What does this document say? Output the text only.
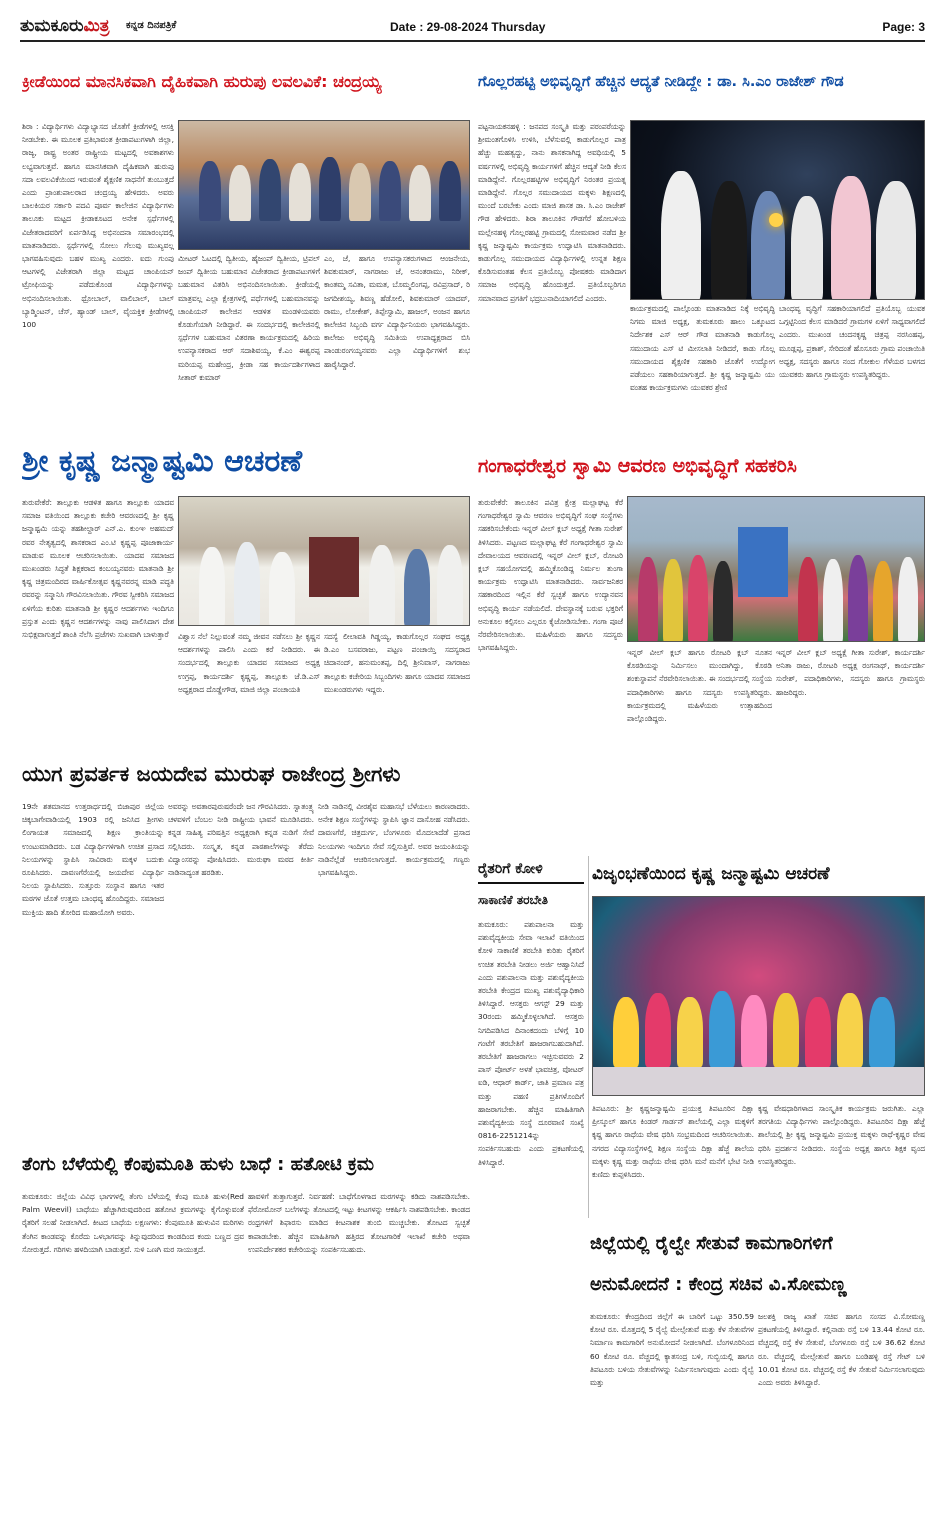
ತುಮಕೂರುಮಿತ್ರ ಕನ್ನಡ ದಿನಪತ್ರಿಕೆ	Date : 29-08-2024 Thursday	Page: 3
ಕ್ರೀಡೆಯಿಂದ ಮಾನಸಿಕವಾಗಿ ದೈಹಿಕವಾಗಿ ಹುರುಪು ಲವಲವಿಕೆ: ಚಂದ್ರಯ್ಯ	ಗೊಲ್ಲರಹಟ್ಟಿ ಅಭಿವೃದ್ಧಿಗೆ ಹೆಚ್ಚಿನ ಆದ್ಯತೆ ನೀಡಿದ್ದೇ : ಡಾ. ಸಿ.ಎಂ ರಾಜೇಶ್ ಗೌಡ
ಶಿರಾ : ವಿದ್ಯಾರ್ಥಿಗಳು ವಿದ್ಯಾಭ್ಯಾಸದ ಜೊತೆಗೆ ಕ್ರೀಡೆಗಳಲ್ಲಿ ಆಸಕ್ತಿ ನೀಡಬೇಕು. ಈ ಮೂಲಕ ಪ್ರತಿಭಾವಂತ ಕ್ರೀಡಾಪಟುಗಳಾಗಿ ಜಿಲ್ಲಾ, ರಾಜ್ಯ, ರಾಷ್ಟ್ರ ಅಂತರ ರಾಷ್ಟ್ರೀಯ ಮಟ್ಟದಲ್ಲಿ ಅವಕಾಶಗಳು ಲಭ್ಯವಾಗುತ್ತವೆ. ಹಾಗೂ ಮಾನಸಿಕವಾಗಿ ದೈಹಿಕವಾಗಿ ಹುರುಪು ಸದಾ ಲವಲವಿಕೆಯಿಂದ ಇರುವಂತೆ ಶೈಕ್ಷಣಿಕ ಸಾಧನೆಗೆ ತುಂಬುತ್ತದೆ ಎಂದು ಪ್ರಾಂಶುಪಾಲರಾದ ಚಂದ್ರಯ್ಯ ಹೇಳಿದರು. ಅವರು ಬಾಲಕಿಯರ ಸರ್ಕಾರಿ ಪದವಿ ಪೂರ್ವ ಕಾಲೇಜಿನ ವಿದ್ಯಾರ್ಥಿಗಳು ತಾಲೂಕು ಮಟ್ಟದ ಕ್ರೀಡಾಕೂಟದ ಅನೇಕ ಸ್ಪರ್ಧೆಗಳಲ್ಲಿ ವಿಜೇತರಾದವರಿಗೆ ಏರ್ಪಡಿಸಿದ್ದ ಅಭಿನಂದನಾ ಸಮಾರಂಭದಲ್ಲಿ ಮಾತನಾಡಿದರು. ಸ್ಪರ್ಧೆಗಳಲ್ಲಿ ಸೋಲು ಗೆಲುವು ಮುಖ್ಯವಲ್ಲ ಭಾಗವಹಿಸುವುದು ಬಹಳ ಮುಖ್ಯ ಎಂದರು. ಐದು ಗುಂಪು ಆಟಗಳಲ್ಲಿ ವಿಜೇತರಾಗಿ ಜಿಲ್ಲಾ ಮಟ್ಟದ ಚಾಂಪಿಯನ್ ಟ್ರೋಫಿಯನ್ನು ಪಡೆದುಕೊಂಡ ವಿದ್ಯಾರ್ಥಿಗಳನ್ನು ಅಭಿನಂದಿಸಲಾಯಿತು. ಥ್ರೋಬಾಲ್, ವಾಲಿಬಾಲ್, ಬಾಲ್ ಬ್ಯಾಡ್ಮಿಂಟನ್, ಚೆಸ್, ಹ್ಯಾಂಡ್ ಬಾಲ್, ವೈಯಕ್ತಿಕ ಕ್ರೀಡೆಗಳಲ್ಲಿ 100
ಮೀಟರ್ ಓಟದಲ್ಲಿ ದ್ವಿತೀಯ, ಹೈಜಂಪ್ ದ್ವಿತೀಯ, ಟ್ರಿಪಲ್ ಜಂಪ್ ದ್ವಿತೀಯ ಬಹುಮಾನ ವಿಜೇತರಾದ ಕ್ರೀಡಾಪಟುಗಳಿಗೆ ಬಹುಮಾನ ವಿತರಿಸಿ ಅಭಿನಂದಿಸಲಾಯಿತು. ಕ್ರೀಡೆಯಲ್ಲಿ ಮಾತ್ರವಲ್ಲ ಎಲ್ಲಾ ಕ್ಷೇತ್ರಗಳಲ್ಲಿ ಪರ್ಧೆಗಳಲ್ಲಿ ಬಹುಮಾನವನ್ನು ಚಾಂಪಿಯನ್ ಕಾಲೇಜಿನ ಆಡಳಿತ ಮಂಡಳಿಯವರು ಕೊಡುಗೆಯಾಗಿ ನೀಡಿದ್ದಾರೆ. ಈ ಸಂದರ್ಭದಲ್ಲಿ ಕಾಲೇಜಿನಲ್ಲಿ ಸ್ಪರ್ಧೆಗಳ ಬಹುಮಾನ ವಿತರಣಾ ಕಾರ್ಯಕ್ರಮದಲ್ಲಿ ಹಿರಿಯ ಉಪನ್ಯಾಸಕರಾದ ಆರ್ ಸದಾಶಿವಯ್ಯ, ಕೆ.ಎಂ ಈಶ್ವರಪ್ಪ ಮರಿಯಪ್ಪ ಮಹೇಂದ್ರ, ಕ್ರೀಡಾ ಸಹ ಕಾರ್ಯದರ್ಶಿಗಳಾದ ಸೀತಾರ್ ಕುಮಾರ್
ಎಂ, ಜೆ, ಹಾಗೂ ಉಪನ್ಯಾಸಕರುಗಳಾದ ಆಂಜನೇಯ, ಶಿವಕುಮಾರ್, ನಾಗರಾಜು ಜೆ, ಅನಂತರಾಮು, ನಿರೀಕ್, ಕಾಂತಮ್ಮ ಸವಿತಾ, ಮಮತ, ಬೊಮ್ಮಲಿಂಗಪ್ಪ, ರವಿಪ್ರಸಾದ್, ರಿ ಜಗದೀಶಯ್ಯ, ಶಿವಣ್ಣ ಹೆಡೋಲಿ, ಶಿವಕುಮಾರ್ ಯಾದವ್, ರಾಮು, ಲೋಕೇಶ್, ತಿಪ್ಪೇಸ್ವಾಮಿ, ಹಾಜಲ್, ಅಂಜನ ಹಾಗೂ ಕಾಲೇಜಿನ ಸಿಬ್ಬಂದಿ ವರ್ಗ ವಿದ್ಯಾರ್ಥಿನಿಯರು ಭಾಗವಹಿಸಿದ್ದರು. ಕಾಲೇಜು ಅಭಿವೃದ್ಧಿ ಸಮಿತಿಯ ಉಪಾಧ್ಯಕ್ಷರಾದ ಬಿಸಿ ಪಾಂಡುರಂಗಯ್ಯನವರು ಎಲ್ಲಾ ವಿದ್ಯಾರ್ಥಿಗಳಿಗೆ ಶುಭ ಹಾರೈಸಿದ್ದಾರೆ.
ಪಟ್ಟನಾಯಕನಹಳ್ಳಿ : ಜನಪದ ಸಂಸ್ಕೃತಿ ಮತ್ತು ಪರಂಪರೆಯನ್ನು ಶ್ರೀಮಂತಗೊಳಿಸಿ ಉಳಿಸಿ, ಬೆಳೆಸುವಲ್ಲಿ ಕಾಡುಗೊಲ್ಲರ ಪಾತ್ರ ಹೆಚ್ಚು ಮಹತ್ವದ್ದು, ನಾನು ಶಾಸಕನಾಗಿದ್ದ ಅವಧಿಯಲ್ಲಿ 5 ವರ್ಷಗಳಲ್ಲಿ ಅಭಿವೃದ್ಧಿ ಕಾರ್ಯಗಳಿಗೆ ಹೆಚ್ಚಿನ ಆದ್ಯತೆ ನೀಡಿ ಕೆಲಸ ಮಾಡಿದ್ದೇನೆ. ಗೊಲ್ಲರಹಟ್ಟಿಗಳ ಅಭಿವೃದ್ಧಿಗೆ ನಿರಂತರ ಪ್ರಯತ್ನ ಮಾಡಿದ್ದೇನೆ. ಗೊಲ್ಲರ ಸಮುದಾಯದ ಮಕ್ಕಳು ಶಿಕ್ಷಣದಲ್ಲಿ ಮುಂದೆ ಬರಬೇಕು ಎಂದು ಮಾಜಿ ಶಾಸಕ ಡಾ. ಸಿ.ಎಂ ರಾಜೇಶ್ ಗೌಡ ಹೇಳಿದರು. ಶಿರಾ ತಾಲೂಕಿನ ಗೌಡಗೆರೆ ಹೋಬಳಿಯ ಮಲ್ಲೇನಹಳ್ಳಿ ಗೊಲ್ಲರಹಟ್ಟಿ ಗ್ರಾಮದಲ್ಲಿ ಸೋಮವಾರ ನಡೆದ ಶ್ರೀ ಕೃಷ್ಣ ಜನ್ಮಾಷ್ಟಮಿ ಕಾರ್ಯಕ್ರಮ ಉದ್ಘಾಟಿಸಿ ಮಾತನಾಡಿದರು. ಕಾಡುಗೊಲ್ಲ ಸಮುದಾಯದ ವಿದ್ಯಾರ್ಥಿಗಳಲ್ಲಿ ಉನ್ನತ ಶಿಕ್ಷಣ ಕೊಡಿಸುವಂತಹ ಕೆಲಸ ಪ್ರತಿಯೊಬ್ಬ ಪೋಷಕರು ಮಾಡಿದಾಗ ಸಮಾಜ ಅಭಿವೃದ್ಧಿ ಹೊಂದುತ್ತದೆ. ಪ್ರತಿಯೊಬ್ಬರಿಗೂ ಸಮಾನವಾದ ಪ್ರಗತಿಗೆ ಭದ್ರಬುನಾದಿಯಾಗಲಿದೆ ಎಂದರು.
ಕಾರ್ಯಕ್ರಮದಲ್ಲಿ ಪಾಲ್ಗೊಂಡು ಮಾತನಾಡಿದ ನಿಕ್ಕೆ ಅಭಿವೃದ್ಧಿ ನಿಗಮ ಮಾಜಿ ಅಧ್ಯಕ್ಷ, ತುಮಕೂರು ಹಾಲು ಒಕ್ಕೂಟದ ನಿರ್ದೇಶಕ ಎಸ್ ಆರ್ ಗೌಡ ಮಾತನಾಡಿ ಕಾಡುಗೊಲ್ಲ ಸಮುದಾಯ ಎಸ್ ಟಿ ಮೀಸಲಾತಿ ನೀಡಿದರೆ, ಕಾಡು ಗೊಲ್ಲ ಸಮುದಾಯದ ಶೈಕ್ಷಣಿಕ ಸಹಕಾರಿ ಜೊತೆಗೆ ಉದ್ಯೋಗ ಪಡೆಯಲು ಸಹಕಾರಿಯಾಗುತ್ತದೆ. ಶ್ರೀ ಕೃಷ್ಣ ಜನ್ಮಾಷ್ಟಮಿ ಯು ವಂತಹ ಕಾರ್ಯಕ್ರಮಗಳು ಯುವಕರ ಶ್ರೇಣಿ
ಬಾಂಧವ್ಯ ವೃದ್ಧಿಗೆ ಸಹಕಾರಿಯಾಗಲಿದೆ ಪ್ರತಿಯೊಬ್ಬ ಯುವಕ ಒಗ್ಗಟ್ಟಿನಿಂದ ಕೆಲಸ ಮಾಡಿದರೆ ಗ್ರಾಮಗಳ ಏಳಿಗೆ ಸಾಧ್ಯವಾಗಲಿದೆ ಎಂದರು. ಮುಖಂಡ ಚಂದನಕೃಷ್ಣ ಚಿತ್ರಪ್ಪ ನರಸಿಂಹಪ್ಪ, ಮೂಡ್ಲಪ್ಪ, ಪ್ರಕಾಶ್, ಸೇರಿದಂತೆ ಹೊಸೂರು ಗ್ರಾಮ ಪಂಚಾಯಿತಿ ಅಧ್ಯಕ್ಷ, ಸದಸ್ಯರು ಹಾಗೂ ನಂದ ಗೋಕುಲ ಗೆಳೆಯರ ಬಳಗದ ಯುವಕರು ಹಾಗೂ ಗ್ರಾಮಸ್ಥರು ಉಪಸ್ಥಿತರಿದ್ದರು.
ಶ್ರೀ ಕೃಷ್ಣ ಜನ್ಮಾಷ್ಟಮಿ ಆಚರಣೆ	ಗಂಗಾಧರೇಶ್ವರ ಸ್ವಾಮಿ ಆವರಣ ಅಭಿವೃದ್ಧಿಗೆ ಸಹಕರಿಸಿ
ತುರುವೇಕೆರೆ: ತಾಲ್ಲೂಕು ಆಡಳಿತ ಹಾಗೂ ತಾಲ್ಲೂಕು ಯಾದವ ಸಮಾಜ ವತಿಯಿಂದ ತಾಲ್ಲೂಕು ಕಚೇರಿ ಆವರಣದಲ್ಲಿ ಶ್ರೀ ಕೃಷ್ಣ ಜನ್ಮಾಷ್ಟಮಿ ಯನ್ನು ತಹಶೀಲ್ದಾರ್ ಎನ್.ಎ. ಕುಂಞ ಅಹಮದ್ ರವರ ನೇತೃತ್ವದಲ್ಲಿ ಶಾಸಕರಾದ ಎಂ.ಟಿ ಕೃಷ್ಣಪ್ಪ ಪೂಜಾಕಾರ್ಯ ಮಾಡುವ ಮೂಲಕ ಆಚರಿಸಲಾಯಿತು. ಯಾದವ ಸಮಾಜದ ಮುಖಂಡರು ಸಿದ್ಧತೆ ಶಿಕ್ಷಕರಾದ ಕಂಬಯ್ಯನವರು ಮಾತನಾಡಿ ಶ್ರೀ ಕೃಷ್ಣ ಚಿತ್ರಮಂದಿರದ ವಾರ್ಷಿಕೋತ್ಸವ ಕೃಷ್ಣನವರನ್ನ ಮಾಡಿ ಪದ್ಧತಿ ರವರನ್ನು ಸನ್ಮಾನಿಸಿ ಗೌರವಿಸಲಾಯಿತು. ಗೌರವ ಸ್ವೀಕರಿಸಿ ಸಮಾಜದ ಏಳಿಗೆಯ ಕುರಿತು ಮಾತನಾಡಿ ಶ್ರೀ ಕೃಷ್ಣರ ಆದರ್ಶಗಳು ಇಂದಿಗೂ ಪ್ರಸ್ತುತ ಎಂದು ಕೃಷ್ಣನ ಆದರ್ಶಗಳನ್ನು ನಾವು ಪಾಲಿಸಿದಾಗ ದೇಶ ಸುಭಿಕ್ಷವಾಗುತ್ತದೆ ಶಾಂತಿ ನೆಲೆಸಿ ಪ್ರಜೆಗಳು ಸುಖವಾಗಿ ಬಾಳುತ್ತಾರೆ	ವಿಶ್ವಾಸ ನೆಲೆ ನಿಲ್ಲುವಂತೆ ನಮ್ಮ ಜೀವನ ನಡೆಸಲು ಶ್ರೀ ಕೃಷ್ಣನ ಆದರ್ಶಗಳನ್ನು ಪಾಲಿಸಿ ಎಂದು ಕರೆ ನೀಡಿದರು. ಈ ಸಂದರ್ಭದಲ್ಲಿ ತಾಲ್ಲೂಕು ಯಾದವ ಸಮಾಜದ ಅಧ್ಯಕ್ಷ ಉಗ್ರಪ್ಪ, ಕಾರ್ಯದರ್ಶಿ ಕೃಷ್ಣಪ್ಪ, ತಾಲ್ಲೂಕು ಜೆ.ಡಿ.ಎಸ್ ಅಧ್ಯಕ್ಷರಾದ ದೊಡ್ಡೇಗೌಡ, ಮಾಜಿ ಜಿಲ್ಲಾ ಪಂಚಾಯತಿ
ಸದಸ್ಯೆ ಲೀಲಾವತಿ ಗಿಡ್ಡಯ್ಯ, ಕಾಡುಗೊಲ್ಲರ ಸಂಘದ ಅಧ್ಯಕ್ಷ ಡಿ.ಎಂ ಬಸವರಾಜು, ಪಟ್ಟಣ ಪಂಚಾಯ್ತಿ ಸದಸ್ಯರಾದ ಚಿದಾನಂದ್, ಹನುಮಂತಪ್ಪ, ದಿಲ್ಲಿ ಶ್ರೀನಿವಾಸ್, ನಾಗರಾಜು ತಾಲ್ಲೂಕು ಕಚೇರಿಯ ಸಿಬ್ಬಂದಿಗಳು ಹಾಗೂ ಯಾದವ ಸಮಾಜದ ಮುಖಂಡರುಗಳು ಇದ್ದರು.
ತುರುವೇಕೆರೆ: ತಾಲೂಕಿನ ಪವಿತ್ರ ಕ್ಷೇತ್ರ ಮಲ್ಲಾಘಟ್ಟ ಕೆರೆ ಗಂಗಾಧರೇಶ್ವರ ಸ್ವಾಮಿ ಆವರಣ ಅಭಿವೃದ್ಧಿಗೆ ಸಂಘ ಸಂಸ್ಥೆಗಳು ಸಹಕರಿಸಬೇಕೆಂದು ಇನ್ನರ್ ವೀಲ್ ಕ್ಲಬ್ ಅಧ್ಯಕ್ಷೆ ಗೀತಾ ಸುರೇಶ್ ತಿಳಿಸಿದರು. ಪಟ್ಟಣದ ಮಲ್ಲಾಘಟ್ಟ ಕೆರೆ ಗಂಗಾಧರೇಶ್ವರ ಸ್ವಾಮಿ ದೇವಾಲಯದ ಆವರಣದಲ್ಲಿ ಇನ್ನರ್ ವೀಲ್ ಕ್ಲಬ್, ರೋಟರಿ ಕ್ಲಬ್ ಸಹಯೋಗದಲ್ಲಿ ಹಮ್ಮಿಕೊಂಡಿದ್ದ ನಿರ್ಮಲ ತುಂಗಾ ಕಾರ್ಯಕ್ರಮ ಉದ್ಘಾಟಿಸಿ ಮಾತನಾಡಿದರು. ಸಾರ್ವಜನಿಕರ ಸಹಕಾರದಿಂದ ಇಲ್ಲಿನ ಕೆರೆ ಸ್ವಚ್ಛತೆ ಹಾಗೂ ಉದ್ಯಾನವನ ಅಭಿವೃದ್ಧಿ ಕಾರ್ಯ ನಡೆಯಲಿದೆ. ದೇವಸ್ಥಾನಕ್ಕೆ ಬರುವ ಭಕ್ತರಿಗೆ ಅನುಕೂಲ ಕಲ್ಪಿಸಲು ಎಲ್ಲರೂ ಕೈಜೋಡಿಸಬೇಕು. ಗಂಗಾ ಪೂಜೆ ನೆರವೇರಿಸಲಾಯಿತು. ಮಹಿಳೆಯರು ಹಾಗೂ ಸದಸ್ಯರು ಭಾಗವಹಿಸಿದ್ದರು.
ಇನ್ನರ್ ವೀಲ್ ಕ್ಲಬ್ ಹಾಗೂ ರೋಟರಿ ಕ್ಲಬ್ ನೂತನ ಕೊಠಡಿಯನ್ನು ನಿರ್ಮಿಸಲು ಮುಂದಾಗಿದ್ದು, ಕೊಠಡಿ ಶಂಕುಸ್ಥಾಪನೆ ನೆರವೇರಿಸಲಾಯಿತು. ಈ ಸಂದರ್ಭದಲ್ಲಿ ಸಂಸ್ಥೆಯ ಪದಾಧಿಕಾರಿಗಳು ಹಾಗೂ ಸದಸ್ಯರು ಉಪಸ್ಥಿತರಿದ್ದರು. ಕಾರ್ಯಕ್ರಮದಲ್ಲಿ ಮಹಿಳೆಯರು ಉತ್ಸಾಹದಿಂದ ಪಾಲ್ಗೊಂಡಿದ್ದರು.
ಇನ್ನರ್ ವೀಲ್ ಕ್ಲಬ್ ಅಧ್ಯಕ್ಷೆ ಗೀತಾ ಸುರೇಶ್, ಕಾರ್ಯದರ್ಶಿ ಅನಿತಾ ರಾಜು, ರೋಟರಿ ಅಧ್ಯಕ್ಷ ರಂಗನಾಥ್, ಕಾರ್ಯದರ್ಶಿ ಸುರೇಶ್, ಪದಾಧಿಕಾರಿಗಳು, ಸದಸ್ಯರು ಹಾಗೂ ಗ್ರಾಮಸ್ಥರು ಹಾಜರಿದ್ದರು.
ಯುಗ ಪ್ರವರ್ತಕ ಜಯದೇವ ಮುರುಘ ರಾಜೇಂದ್ರ ಶ್ರೀಗಳು
19ನೇ ಶತಮಾನದ ಉತ್ತರಾರ್ಧದಲ್ಲಿ ಬಿಜಾಪುರ ಜಿಲ್ಲೆಯ ಚಿಕ್ಕಬಾಗೇವಾಡಿಯಲ್ಲಿ 1903 ರಲ್ಲಿ ಜನಿಸಿದ ಶ್ರೀಗಳು ಲಿಂಗಾಯತ ಸಮಾಜದಲ್ಲಿ ಶಿಕ್ಷಣ ಕ್ರಾಂತಿಯನ್ನು ಉಂಟುಮಾಡಿದರು. ಬಡ ವಿದ್ಯಾರ್ಥಿಗಳಿಗಾಗಿ ಉಚಿತ ಪ್ರಸಾದ ನಿಲಯಗಳನ್ನು ಸ್ಥಾಪಿಸಿ ಸಾವಿರಾರು ಮಕ್ಕಳ ಬದುಕು ರೂಪಿಸಿದರು. ದಾವಣಗೆರೆಯಲ್ಲಿ ಜಯದೇವ ವಿದ್ಯಾರ್ಥಿ ನಿಲಯ ಸ್ಥಾಪಿಸಿದರು. ಸುತ್ತೂರು ಸಂಸ್ಥಾನ ಹಾಗೂ ಇತರ ಮಠಗಳ ಜೊತೆ ಉತ್ತಮ ಬಾಂಧವ್ಯ ಹೊಂದಿದ್ದರು. ಸಮಾಜದ ಮುಕ್ತಿಯ ಹಾದಿ ತೋರಿದ ಮಹಾಯೋಗಿ ಅವರು.
ಅವರನ್ನು ಅವತಾರಪುರುಷರೆಂದೇ ಜನ ಗೌರವಿಸಿದರು. ಸ್ವಾತಂತ್ರ್ಯ ಚಳವಳಿಗೆ ಬೆಂಬಲ ನೀಡಿ ರಾಷ್ಟ್ರೀಯ ಭಾವನೆ ಮೂಡಿಸಿದರು. ಕನ್ನಡ ಸಾಹಿತ್ಯ ಪರಿಷತ್ತಿನ ಅಧ್ಯಕ್ಷರಾಗಿ ಕನ್ನಡ ನುಡಿಗೆ ಸೇವೆ ಸಲ್ಲಿಸಿದರು. ಸಂಸ್ಕೃತ, ಕನ್ನಡ ಪಾಠಶಾಲೆಗಳನ್ನು ತೆರೆದು ವಿದ್ವಾಂಸರನ್ನು ಪೋಷಿಸಿದರು. ಮುರುಘಾ ಮಠದ ಕೀರ್ತಿ ನಾಡಿನಾದ್ಯಂತ ಹರಡಿತು.
ನೀಡಿ ನಾಡಿನಲ್ಲಿ ವೀರಶೈವ ಮಹಾಸಭೆ ಬೆಳೆಯಲು ಕಾರಣರಾದರು. ಅನೇಕ ಶಿಕ್ಷಣ ಸಂಸ್ಥೆಗಳನ್ನು ಸ್ಥಾಪಿಸಿ ಜ್ಞಾನ ದಾಸೋಹ ನಡೆಸಿದರು. ದಾವಣಗೆರೆ, ಚಿತ್ರದುರ್ಗ, ಬೆಂಗಳೂರು ಮೊದಲಾದೆಡೆ ಪ್ರಸಾದ ನಿಲಯಗಳು ಇಂದಿಗೂ ಸೇವೆ ಸಲ್ಲಿಸುತ್ತಿವೆ. ಅವರ ಜಯಂತಿಯನ್ನು ನಾಡಿನೆಲ್ಲೆಡೆ ಆಚರಿಸಲಾಗುತ್ತದೆ. ಕಾರ್ಯಕ್ರಮದಲ್ಲಿ ಗಣ್ಯರು ಭಾಗವಹಿಸಿದ್ದರು.	ರೈತರಿಗೆ ಕೋಳಿ
ಸಾಕಾಣಿಕೆ ತರಬೇತಿ
ತುಮಕೂರು: ಪಶುಪಾಲನಾ ಮತ್ತು ಪಶುವೈದ್ಯಕೀಯ ಸೇವಾ ಇಲಾಖೆ ವತಿಯಿಂದ ಕೋಳಿ ಸಾಕಾಣಿಕೆ ತರಬೇತಿ ಕುರಿತು ರೈತರಿಗೆ ಉಚಿತ ತರಬೇತಿ ನೀಡಲು ಅರ್ಜಿ ಆಹ್ವಾನಿಸಿದೆ ಎಂದು ಪಶುಪಾಲನಾ ಮತ್ತು ಪಶುವೈದ್ಯಕೀಯ ತರಬೇತಿ ಕೇಂದ್ರದ ಮುಖ್ಯ ಪಶುವೈದ್ಯಾಧಿಕಾರಿ ತಿಳಿಸಿದ್ದಾರೆ. ಆಸಕ್ತರು ಆಗಸ್ಟ್ 29 ಮತ್ತು 30ರಂದು ಹಮ್ಮಿಕೊಳ್ಳಲಾಗಿದೆ. ಆಸಕ್ತರು ನಿಗದಿಪಡಿಸಿದ ದಿನಾಂಕದಂದು ಬೆಳಿಗ್ಗೆ 10 ಗಂಟೆಗೆ ತರಬೇತಿಗೆ ಹಾಜರಾಗಬಹುದಾಗಿದೆ. ತರಬೇತಿಗೆ ಹಾಜರಾಗಲು ಇಚ್ಛಿಸುವವರು 2 ಪಾಸ್ ಪೋರ್ಟ್ ಅಳತೆ ಭಾವಚಿತ್ರ, ವೋಟರ್ ಐಡಿ, ಆಧಾರ್ ಕಾರ್ಡ್, ಜಾತಿ ಪ್ರಮಾಣ ಪತ್ರ ಮತ್ತು ಪಹಣಿ ಪ್ರತಿಗಳೊಂದಿಗೆ ಹಾಜರಾಗಬೇಕು. ಹೆಚ್ಚಿನ ಮಾಹಿತಿಗಾಗಿ ಪಶುವೈದ್ಯಕೀಯ ಸಂಸ್ಥೆ ದೂರವಾಣಿ ಸಂಖ್ಯೆ 0816-2251214ನ್ನು ಸಂಪರ್ಕಿಸಬಹುದು ಎಂದು ಪ್ರಕಟಣೆಯಲ್ಲಿ ತಿಳಿಸಿದ್ದಾರೆ.
ವಿಜೃಂಭಣೆಯಿಂದ ಕೃಷ್ಣ ಜನ್ಮಾಷ್ಟಮಿ ಆಚರಣೆ
ತಿಪಟೂರು: ಶ್ರೀ ಕೃಷ್ಣಜನ್ಮಾಷ್ಟಮಿ ಪ್ರಯುಕ್ತ ತಿಪಟೂರಿನ ದಿಕ್ಷಾ ಪ್ರೀಸ್ಕೂಲ್ ಹಾಗೂ ಕಿಂಡರ್ ಗಾರ್ಡನ್ ಶಾಲೆಯಲ್ಲಿ ಎಲ್ಲಾ ಮಕ್ಕಳಿಗೆ ಕೃಷ್ಣ ಹಾಗೂ ರಾಧೆಯ ವೇಷ ಧರಿಸಿ ಸಂಭ್ರಮದಿಂದ ಆಚರಿಸಲಾಯಿತು. ನಗರದ ವಿದ್ಯಾಸಂಸ್ಥೆಗಳಲ್ಲಿ ಶಿಕ್ಷಣ ಸಂಸ್ಥೆಯ ದಿಕ್ಷಾ ಹೆಜ್ಜೆ ಶಾಲೆಯ ಮಕ್ಕಳು ಕೃಷ್ಣ ಮತ್ತು ರಾಧೆಯ ವೇಷ ಧರಿಸಿ ಮನೆ ಮನೆಗೆ ಭೇಟಿ ನೀಡಿ ಕುಣಿದು ಕುಪ್ಪಳಿಸಿದರು.
ಕೃಷ್ಣ ವೇಷಧಾರಿಗಳಾದ ಸಾಂಸ್ಕೃತಿಕ ಕಾರ್ಯಕ್ರಮ ಜರುಗಿತು. ಎಲ್ಲಾ ತರಗತಿಯ ವಿದ್ಯಾರ್ಥಿಗಳು ಪಾಲ್ಗೊಂಡಿದ್ದರು. ತಿಪಟೂರಿನ ದಿಕ್ಷಾ ಹೆಜ್ಜೆ ಶಾಲೆಯಲ್ಲಿ ಶ್ರೀ ಕೃಷ್ಣ ಜನ್ಮಾಷ್ಟಮಿ ಪ್ರಯುಕ್ತ ಮಕ್ಕಳು ರಾಧೆ-ಕೃಷ್ಣರ ವೇಷ ಧರಿಸಿ ಪ್ರದರ್ಶನ ನೀಡಿದರು. ಸಂಸ್ಥೆಯ ಅಧ್ಯಕ್ಷ ಹಾಗೂ ಶಿಕ್ಷಕ ವೃಂದ ಉಪಸ್ಥಿತರಿದ್ದರು.
ತೆಂಗು ಬೆಳೆಯಲ್ಲಿ ಕೆಂಪುಮೂತಿ ಹುಳು ಬಾಧೆ : ಹತೋಟಿ ಕ್ರಮ
ತುಮಕೂರು: ಜಿಲ್ಲೆಯ ವಿವಿಧ ಭಾಗಗಳಲ್ಲಿ ತೆಂಗು ಬೆಳೆಯಲ್ಲಿ ಕೆಂಪು ಮೂತಿ ಹುಳು(Red Palm Weevil) ಬಾಧೆಯು ಹೆಚ್ಚಾಗಿರುವುದರಿಂದ ಹತೋಟಿ ಕ್ರಮಗಳನ್ನು ಕೈಗೊಳ್ಳುವಂತೆ ರೈತರಿಗೆ ಸಲಹೆ ನೀಡಲಾಗಿದೆ. ಕೀಟದ ಬಾಧೆಯ ಲಕ್ಷಣಗಳು: ಕೆಂಪುಮೂತಿ ಹುಳುವಿನ ಮರಿಗಳು ತೆಂಗಿನ ಕಾಂಡವನ್ನು ಕೊರೆದು ಒಳಭಾಗವನ್ನು ತಿನ್ನುವುದರಿಂದ ಕಾಂಡದಿಂದ ಕಂದು ಬಣ್ಣದ ದ್ರವ ಸೋರುತ್ತದೆ. ಗರಿಗಳು ಹಳದಿಯಾಗಿ ಬಾಡುತ್ತವೆ. ಸುಳಿ ಒಣಗಿ ಮರ ಸಾಯುತ್ತದೆ.
ಹಾವಳಿಗೆ ತುತ್ತಾಗುತ್ತವೆ. ನಿರ್ವಹಣೆ: ಬಾಧೆಗೊಳಗಾದ ಮರಗಳನ್ನು ಕಡಿದು ನಾಶಪಡಿಸಬೇಕು. ಫೆರೋಮೋನ್ ಬಲೆಗಳನ್ನು ತೋಟದಲ್ಲಿ ಇಟ್ಟು ಕೀಟಗಳನ್ನು ಆಕರ್ಷಿಸಿ ನಾಶಪಡಿಸಬೇಕು. ಕಾಂಡದ ರಂಧ್ರಗಳಿಗೆ ಶಿಫಾರಸು ಮಾಡಿದ ಕೀಟನಾಶಕ ತುಂಬಿ ಮುಚ್ಚಬೇಕು. ತೋಟದ ಸ್ವಚ್ಛತೆ ಕಾಪಾಡಬೇಕು. ಹೆಚ್ಚಿನ ಮಾಹಿತಿಗಾಗಿ ಹತ್ತಿರದ ತೋಟಗಾರಿಕೆ ಇಲಾಖೆ ಕಚೇರಿ ಅಥವಾ ಉಪನಿರ್ದೇಶಕರ ಕಚೇರಿಯನ್ನು ಸಂಪರ್ಕಿಸಬಹುದು.	ಜಿಲ್ಲೆಯಲ್ಲಿ ರೈಲ್ವೇ ಸೇತುವೆ ಕಾಮಗಾರಿಗಳಿಗೆ
ಅನುಮೋದನೆ : ಕೇಂದ್ರ ಸಚಿವ ವಿ.ಸೋಮಣ್ಣ
ತುಮಕೂರು: ಕೇಂದ್ರದಿಂದ ಜಿಲ್ಲೆಗೆ ಈ ಬಾರಿಗೆ ಒಟ್ಟು 350.59 ಕೋಟಿ ರೂ. ಮೊತ್ತದಲ್ಲಿ 5 ರೈಲ್ವೆ ಮೇಲ್ಸೇತುವೆ ಮತ್ತು ಕೆಳ ಸೇತುವೆಗಳ ನಿರ್ಮಾಣ ಕಾಮಗಾರಿಗೆ ಅನುಮೋದನೆ ನೀಡಲಾಗಿದೆ. ಬೆಂಗಳೂರಿನಿಂದ 60 ಕೋಟಿ ರೂ. ವೆಚ್ಚದಲ್ಲಿ ಕ್ಯಾತಸಂದ್ರ ಬಳಿ, ಗುಬ್ಬಿಯಲ್ಲಿ ಹಾಗೂ ತಿಪಟೂರು ಬಳಿಯ ಸೇತುವೆಗಳನ್ನು ನಿರ್ಮಿಸಲಾಗುವುದು ಎಂದು ರೈಲ್ವೆ ಮತ್ತು
ಜಲಶಕ್ತಿ ರಾಜ್ಯ ಖಾತೆ ಸಚಿವ ಹಾಗೂ ಸಂಸದ ವಿ.ಸೋಮಣ್ಣ ಪ್ರಕಟಣೆಯಲ್ಲಿ ತಿಳಿಸಿದ್ದಾರೆ. ಕಲ್ಲಿನಾಡು ರಸ್ತೆ ಬಳಿ 13.44 ಕೋಟಿ ರೂ. ವೆಚ್ಚದಲ್ಲಿ ರಸ್ತೆ ಕೆಳ ಸೇತುವೆ, ಬೆಂಗಳೂರು ರಸ್ತೆ ಬಳಿ 36.62 ಕೋಟಿ ರೂ. ವೆಚ್ಚದಲ್ಲಿ ಮೇಲ್ಸೇತುವೆ ಹಾಗೂ ಬಂಡಿಹಳ್ಳಿ ರಸ್ತೆ ಗೇಟ್ ಬಳಿ 10.01 ಕೋಟಿ ರೂ. ವೆಚ್ಚದಲ್ಲಿ ರಸ್ತೆ ಕೆಳ ಸೇತುವೆ ನಿರ್ಮಿಸಲಾಗುವುದು ಎಂದು ಅವರು ತಿಳಿಸಿದ್ದಾರೆ.
